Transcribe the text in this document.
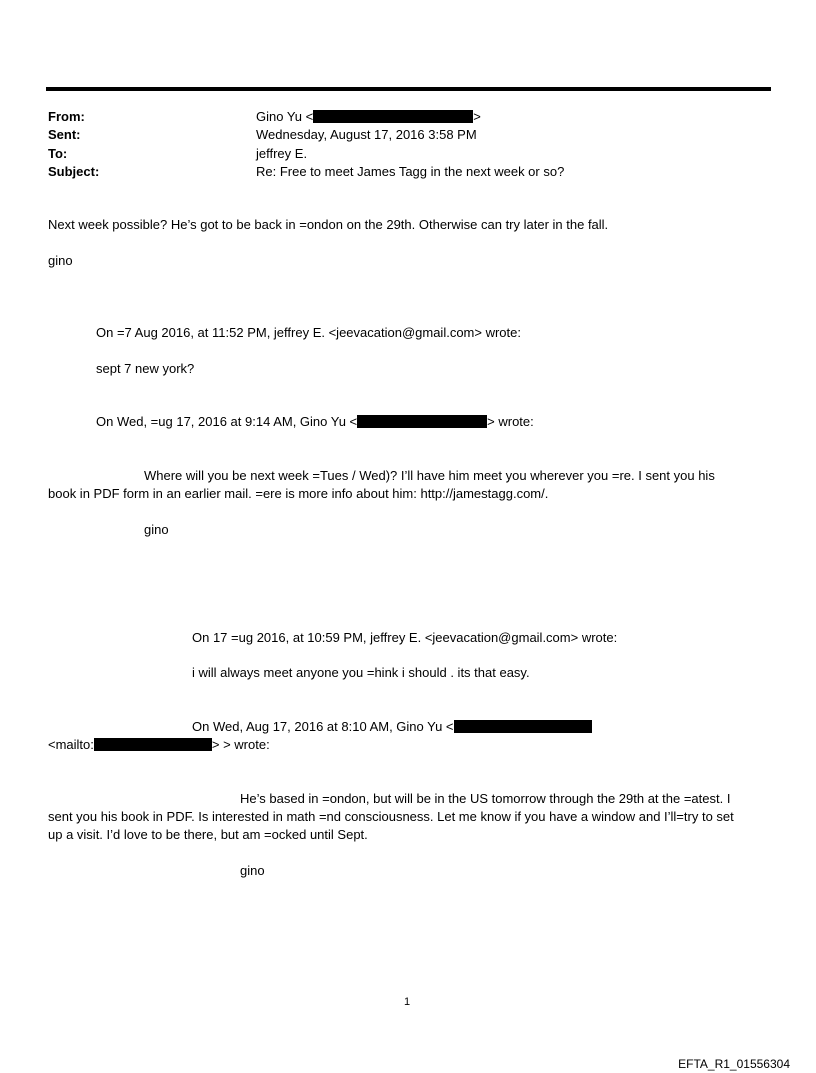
From:	Gino Yu <	>
Sent:	Wednesday, August 17, 2016 3:58 PM
To:	jeffrey E.
Subject:	Re: Free to meet James Tagg in the next week or so?
Next week possible? He’s got to be back in =ondon on the 29th. Otherwise can try later in the fall.
gino
On =7 Aug 2016, at 11:52 PM, jeffrey E. <jeevacation@gmail.com> wrote:
sept 7 new york?
On Wed, =ug 17, 2016 at 9:14 AM, Gino Yu <	> wrote:
Where will you be next week =Tues / Wed)? I’ll have him meet you wherever you =re. I sent you his
book in PDF form in an earlier mail. =ere is more info about him: http://jamestagg.com/.
gino
On 17 =ug 2016, at 10:59 PM, jeffrey E. <jeevacation@gmail.com> wrote:
i will always meet anyone you =hink i should . its that easy.
On Wed, Aug 17, 2016 at 8:10 AM, Gino Yu <
<mailto:	> > wrote:
He’s based in =ondon, but will be in the US tomorrow through the 29th at the =atest. I
sent you his book in PDF. Is interested in math =nd consciousness. Let me know if you have a window and I’ll=try to set
up a visit. I’d love to be there, but am =ocked until Sept.
gino
1
EFTA_R1_01556304
